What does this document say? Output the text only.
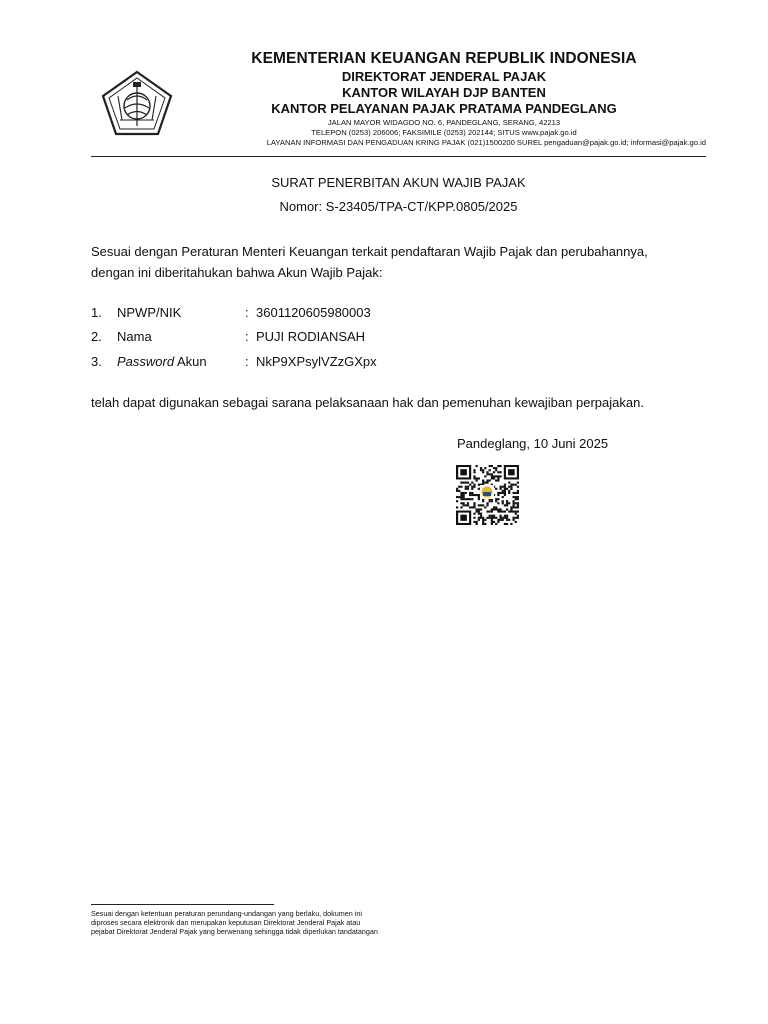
KEMENTERIAN KEUANGAN REPUBLIK INDONESIA
DIREKTORAT JENDERAL PAJAK
KANTOR WILAYAH DJP BANTEN
KANTOR PELAYANAN PAJAK PRATAMA PANDEGLANG
JALAN MAYOR WIDAGDO NO. 6, PANDEGLANG, SERANG, 42213
TELEPON (0253) 206006; FAKSIMILE (0253) 202144; SITUS www.pajak.go.id
LAYANAN INFORMASI DAN PENGADUAN KRING PAJAK (021)1500200 SUREL pengaduan@pajak.go.id; informasi@pajak.go.id
SURAT PENERBITAN AKUN WAJIB PAJAK
Nomor: S-23405/TPA-CT/KPP.0805/2025
Sesuai dengan Peraturan Menteri Keuangan terkait pendaftaran Wajib Pajak dan perubahannya,
dengan ini diberitahukan bahwa Akun Wajib Pajak:
1. NPWP/NIK	: 3601120605980003
2. Nama	: PUJI RODIANSAH
3. Password Akun	: NkP9XPsylVZzGXpx
telah dapat digunakan sebagai sarana pelaksanaan hak dan pemenuhan kewajiban perpajakan.
Pandeglang, 10 Juni 2025
Sesuai dengan ketentuan peraturan perundang-undangan yang berlaku, dokumen ini
diproses secara elektronik dan merupakan keputusan Direktorat Jenderal Pajak atau
pejabat Direktorat Jenderal Pajak yang berwenang sehingga tidak diperlukan tandatangan
